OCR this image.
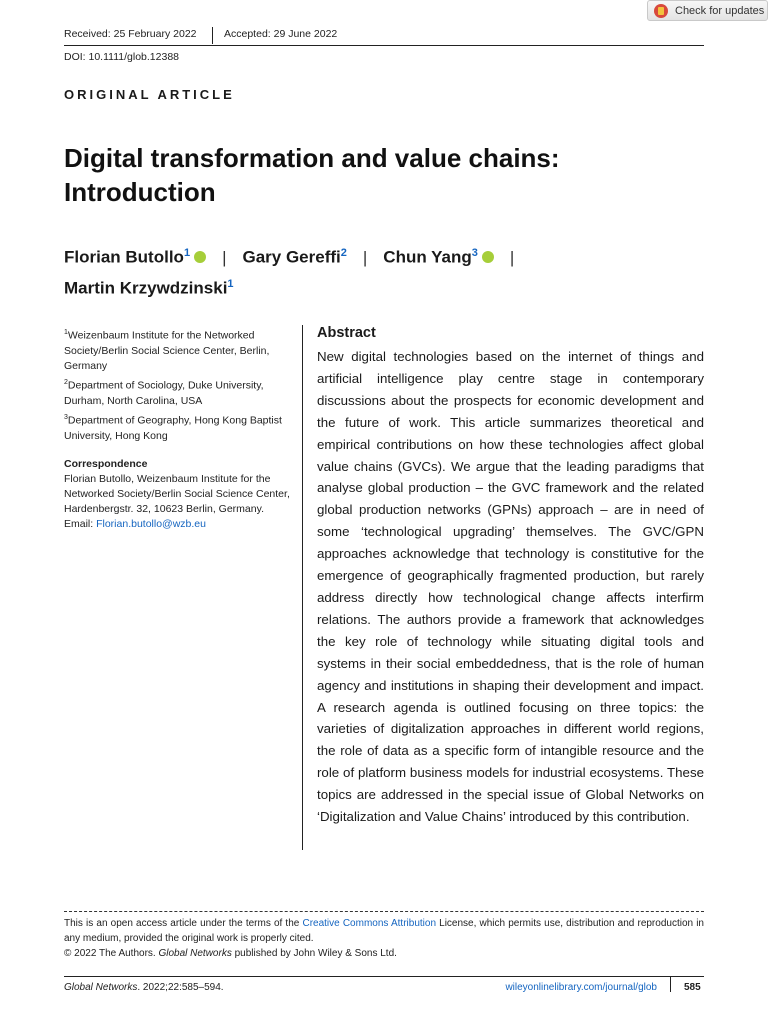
Check for updates
Received: 25 February 2022	Accepted: 29 June 2022
DOI: 10.1111/glob.12388
ORIGINAL ARTICLE
Digital transformation and value chains: Introduction
Florian Butollo$^1$ | Gary Gereffi$^2$ | Chun Yang$^3$ |
Martin Krzywdzinski$^1$
$^1$Weizenbaum Institute for the Networked Society/Berlin Social Science Center, Berlin, Germany
$^2$Department of Sociology, Duke University, Durham, North Carolina, USA
$^3$Department of Geography, Hong Kong Baptist University, Hong Kong
Correspondence
Florian Butollo, Weizenbaum Institute for the Networked Society/Berlin Social Science Center, Hardenbergstr. 32, 10623 Berlin, Germany.
Email: Florian.butollo@wzb.eu
Abstract
New digital technologies based on the internet of things and artificial intelligence play centre stage in contemporary discussions about the prospects for economic development and the future of work. This article summarizes theoretical and empirical contributions on how these technologies affect global value chains (GVCs). We argue that the leading paradigms that analyse global production – the GVC framework and the related global production networks (GPNs) approach – are in need of some ‘technological upgrading’ themselves. The GVC/GPN approaches acknowledge that technology is constitutive for the emergence of geographically fragmented production, but rarely address directly how technological change affects interfirm relations. The authors provide a framework that acknowledges the key role of technology while situating digital tools and systems in their social embeddedness, that is the role of human agency and institutions in shaping their development and impact. A research agenda is outlined focusing on three topics: the varieties of digitalization approaches in different world regions, the role of data as a specific form of intangible resource and the role of platform business models for industrial ecosystems. These topics are addressed in the special issue of Global Networks on ‘Digitalization and Value Chains’ introduced by this contribution.
This is an open access article under the terms of the Creative Commons Attribution License, which permits use, distribution and reproduction in any medium, provided the original work is properly cited.
© 2022 The Authors. Global Networks published by John Wiley & Sons Ltd.
Global Networks. 2022;22:585–594.	wileyonlinelibrary.com/journal/glob	585
